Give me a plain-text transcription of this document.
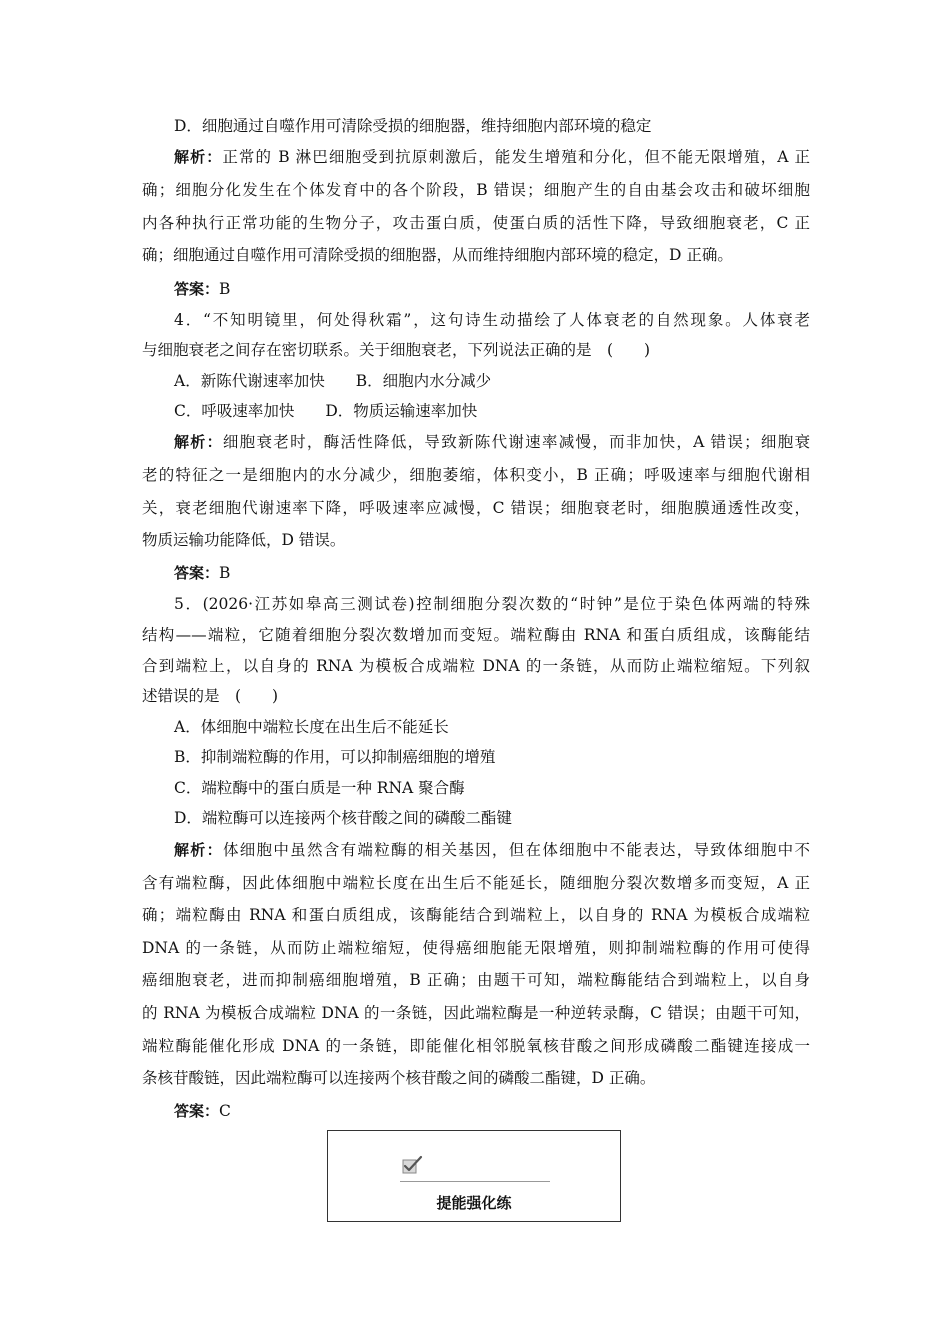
D．细胞通过自噬作用可清除受损的细胞器，维持细胞内部环境的稳定
解析：正常的 B 淋巴细胞受到抗原刺激后，能发生增殖和分化，但不能无限增殖，A 正
确；细胞分化发生在个体发育中的各个阶段，B 错误；细胞产生的自由基会攻击和破坏细胞
内各种执行正常功能的生物分子，攻击蛋白质，使蛋白质的活性下降，导致细胞衰老，C 正
确；细胞通过自噬作用可清除受损的细胞器，从而维持细胞内部环境的稳定，D 正确。
答案：B
4．“不知明镜里，何处得秋霜”，这句诗生动描绘了人体衰老的自然现象。人体衰老
与细胞衰老之间存在密切联系。关于细胞衰老，下列说法正确的是　(　　)
A．新陈代谢速率加快　　B．细胞内水分减少
C．呼吸速率加快　　D．物质运输速率加快
解析：细胞衰老时，酶活性降低，导致新陈代谢速率减慢，而非加快，A 错误；细胞衰
老的特征之一是细胞内的水分减少，细胞萎缩，体积变小，B 正确；呼吸速率与细胞代谢相
关，衰老细胞代谢速率下降，呼吸速率应减慢，C 错误；细胞衰老时，细胞膜通透性改变，
物质运输功能降低，D 错误。
答案：B
5．(2026·江苏如皋高三测试卷)控制细胞分裂次数的“时钟”是位于染色体两端的特殊
结构——端粒，它随着细胞分裂次数增加而变短。端粒酶由 RNA 和蛋白质组成，该酶能结
合到端粒上，以自身的 RNA 为模板合成端粒 DNA 的一条链，从而防止端粒缩短。下列叙
述错误的是　(　　)
A．体细胞中端粒长度在出生后不能延长
B．抑制端粒酶的作用，可以抑制癌细胞的增殖
C．端粒酶中的蛋白质是一种 RNA 聚合酶
D．端粒酶可以连接两个核苷酸之间的磷酸二酯键
解析：体细胞中虽然含有端粒酶的相关基因，但在体细胞中不能表达，导致体细胞中不
含有端粒酶，因此体细胞中端粒长度在出生后不能延长，随细胞分裂次数增多而变短，A 正
确；端粒酶由 RNA 和蛋白质组成，该酶能结合到端粒上，以自身的 RNA 为模板合成端粒
DNA 的一条链，从而防止端粒缩短，使得癌细胞能无限增殖，则抑制端粒酶的作用可使得
癌细胞衰老，进而抑制癌细胞增殖，B 正确；由题干可知，端粒酶能结合到端粒上，以自身
的 RNA 为模板合成端粒 DNA 的一条链，因此端粒酶是一种逆转录酶，C 错误；由题干可知，
端粒酶能催化形成 DNA 的一条链，即能催化相邻脱氧核苷酸之间形成磷酸二酯键连接成一
条核苷酸链，因此端粒酶可以连接两个核苷酸之间的磷酸二酯键，D 正确。
答案：C
提能强化练
